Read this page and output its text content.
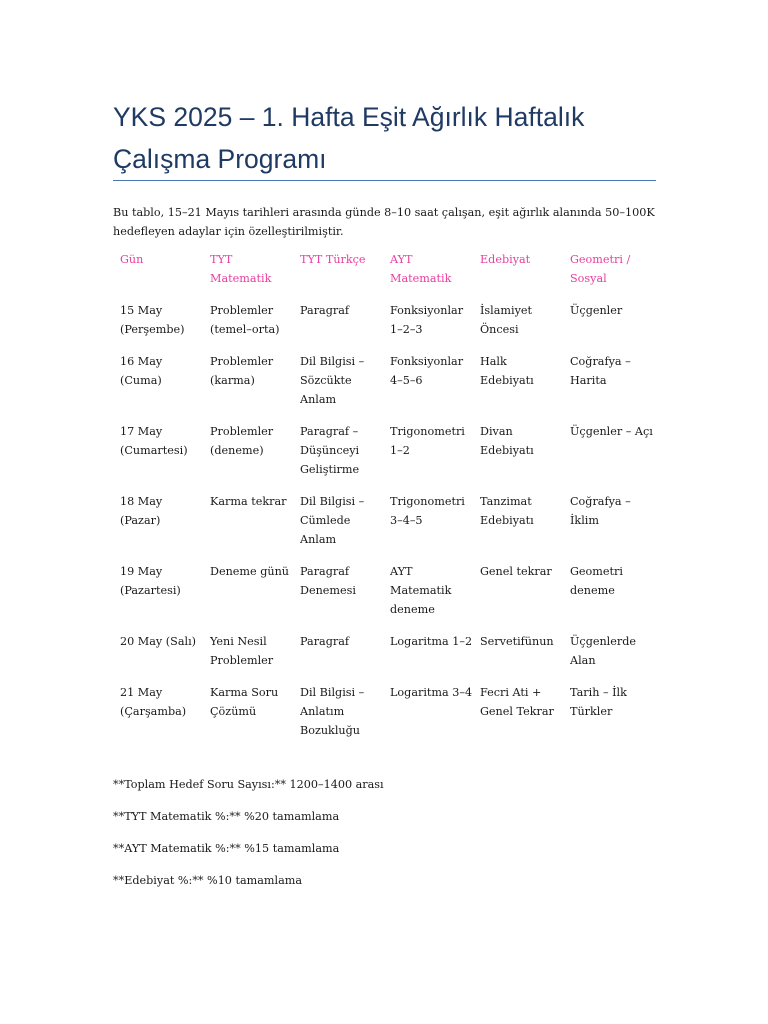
YKS 2025 – 1. Hafta Eşit Ağırlık Haftalık Çalışma Programı

Bu tablo, 15–21 Mayıs tarihleri arasında günde 8–10 saat çalışan, eşit ağırlık alanında 50–100K hedefleyen adaylar için özelleştirilmiştir.

Gün	TYT Matematik	TYT Türkçe	AYT Matematik	Edebiyat	Geometri / Sosyal
15 May (Perşembe)	Problemler (temel–orta)	Paragraf	Fonksiyonlar 1–2–3	İslamiyet Öncesi	Üçgenler
16 May (Cuma)	Problemler (karma)	Dil Bilgisi – Sözcükte Anlam	Fonksiyonlar 4–5–6	Halk Edebiyatı	Coğrafya – Harita
17 May (Cumartesi)	Problemler (deneme)	Paragraf – Düşünceyi Geliştirme	Trigonometri 1–2	Divan Edebiyatı	Üçgenler – Açı
18 May (Pazar)	Karma tekrar	Dil Bilgisi – Cümlede Anlam	Trigonometri 3–4–5	Tanzimat Edebiyatı	Coğrafya – İklim
19 May (Pazartesi)	Deneme günü	Paragraf Denemesi	AYT Matematik deneme	Genel tekrar	Geometri deneme
20 May (Salı)	Yeni Nesil Problemler	Paragraf	Logaritma 1–2	Servetifünun	Üçgenlerde Alan
21 May (Çarşamba)	Karma Soru Çözümü	Dil Bilgisi – Anlatım Bozukluğu	Logaritma 3–4	Fecri Ati + Genel Tekrar	Tarih – İlk Türkler

**Toplam Hedef Soru Sayısı:** 1200–1400 arası

**TYT Matematik %:** %20 tamamlama

**AYT Matematik %:** %15 tamamlama

**Edebiyat %:** %10 tamamlama
